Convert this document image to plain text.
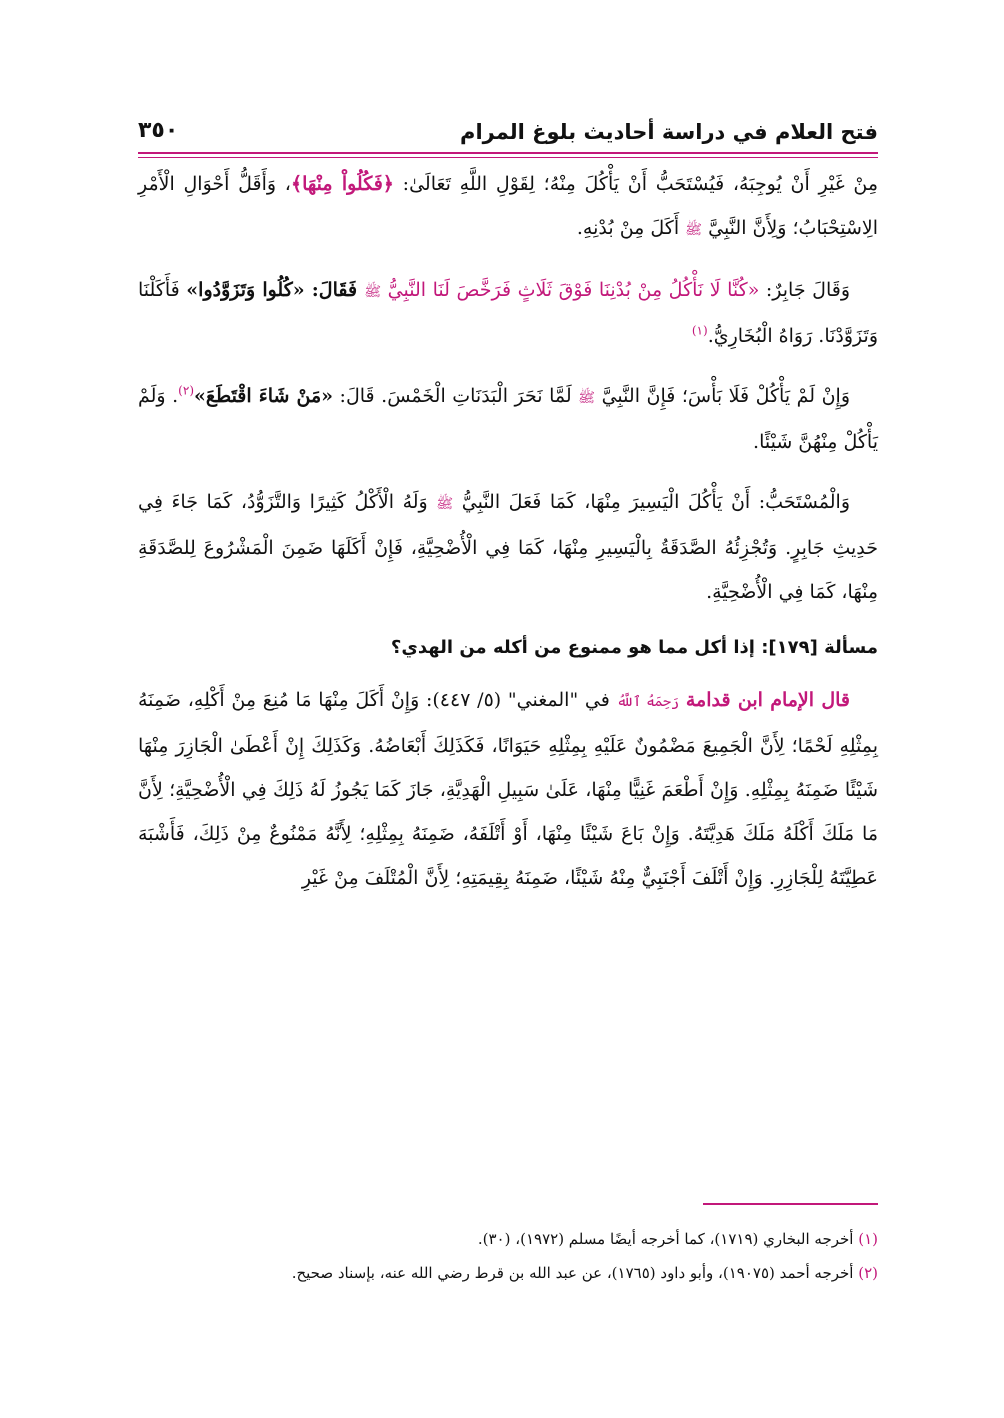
٣٥٠	فتح العلام في دراسة أحاديث بلوغ المرام

مِنْ غَيْرِ أَنْ يُوجِبَهُ، فَيُسْتَحَبُّ أَنْ يَأْكُلَ مِنْهُ؛ لِقَوْلِ اللَّهِ تَعَالَىٰ: ﴿فَكُلُواْ مِنْهَا﴾، وَأَقَلُّ أَحْوَالِ الْأَمْرِ الِاسْتِحْبَابُ؛ وَلِأَنَّ النَّبِيَّ ﷺ أَكَلَ مِنْ بُدْنِهِ.

وَقَالَ جَابِرٌ: «كُنَّا لَا نَأْكُلُ مِنْ بُدْنِنَا فَوْقَ ثَلَاثٍ فَرَخَّصَ لَنَا النَّبِيُّ ﷺ فَقَالَ: «كُلُوا وَتَزَوَّدُوا» فَأَكَلْنَا وَتَزَوَّدْنَا. رَوَاهُ الْبُخَارِيُّ.$^{(١)}$

وَإِنْ لَمْ يَأْكُلْ فَلَا بَأْسَ؛ فَإِنَّ النَّبِيَّ ﷺ لَمَّا نَحَرَ الْبَدَنَاتِ الْخَمْسَ. قَالَ: «مَنْ شَاءَ اقْتَطَعَ»$^{(٢)}$. وَلَمْ يَأْكُلْ مِنْهُنَّ شَيْئًا.

وَالْمُسْتَحَبُّ: أَنْ يَأْكُلَ الْيَسِيرَ مِنْهَا، كَمَا فَعَلَ النَّبِيُّ ﷺ وَلَهُ الْأَكْلُ كَثِيرًا وَالتَّزَوُّدُ، كَمَا جَاءَ فِي حَدِيثِ جَابِرٍ. وَتُجْزِئُهُ الصَّدَقَةُ بِالْيَسِيرِ مِنْهَا، كَمَا فِي الْأُضْحِيَّةِ، فَإِنْ أَكَلَهَا ضَمِنَ الْمَشْرُوعَ لِلصَّدَقَةِ مِنْهَا، كَمَا فِي الْأُضْحِيَّةِ.

مسألة [١٧٩]: إذا أكل مما هو ممنوع من أكله من الهدي؟

قال الإمام ابن قدامة رَحِمَهُ ٱللَّهُ في "المغني" (٥/ ٤٤٧): وَإِنْ أَكَلَ مِنْهَا مَا مُنِعَ مِنْ أَكْلِهِ، ضَمِنَهُ بِمِثْلِهِ لَحْمًا؛ لِأَنَّ الْجَمِيعَ مَضْمُونٌ عَلَيْهِ بِمِثْلِهِ حَيَوَانًا، فَكَذَلِكَ أَبْعَاضُهُ. وَكَذَلِكَ إِنْ أَعْطَىٰ الْجَازِرَ مِنْهَا شَيْئًا ضَمِنَهُ بِمِثْلِهِ. وَإِنْ أَطْعَمَ غَنِيًّا مِنْهَا، عَلَىٰ سَبِيلِ الْهَدِيَّةِ، جَازَ كَمَا يَجُوزُ لَهُ ذَلِكَ فِي الْأُضْحِيَّةِ؛ لِأَنَّ مَا مَلَكَ أَكْلَهُ مَلَكَ هَدِيَّتَهُ. وَإِنْ بَاعَ شَيْئًا مِنْهَا، أَوْ أَتْلَفَهُ، ضَمِنَهُ بِمِثْلِهِ؛ لِأَنَّهُ مَمْنُوعٌ مِنْ ذَلِكَ، فَأَشْبَهَ عَطِيَّتَهُ لِلْجَازِرِ. وَإِنْ أَتْلَفَ أَجْنَبِيٌّ مِنْهُ شَيْئًا، ضَمِنَهُ بِقِيمَتِهِ؛ لِأَنَّ الْمُتْلَفَ مِنْ غَيْرِ

(١) أخرجه البخاري (١٧١٩)، كما أخرجه أيضًا مسلم (١٩٧٢)، (٣٠).
(٢) أخرجه أحمد (١٩٠٧٥)، وأبو داود (١٧٦٥)، عن عبد الله بن قرط رضي الله عنه، بإسناد صحيح.
